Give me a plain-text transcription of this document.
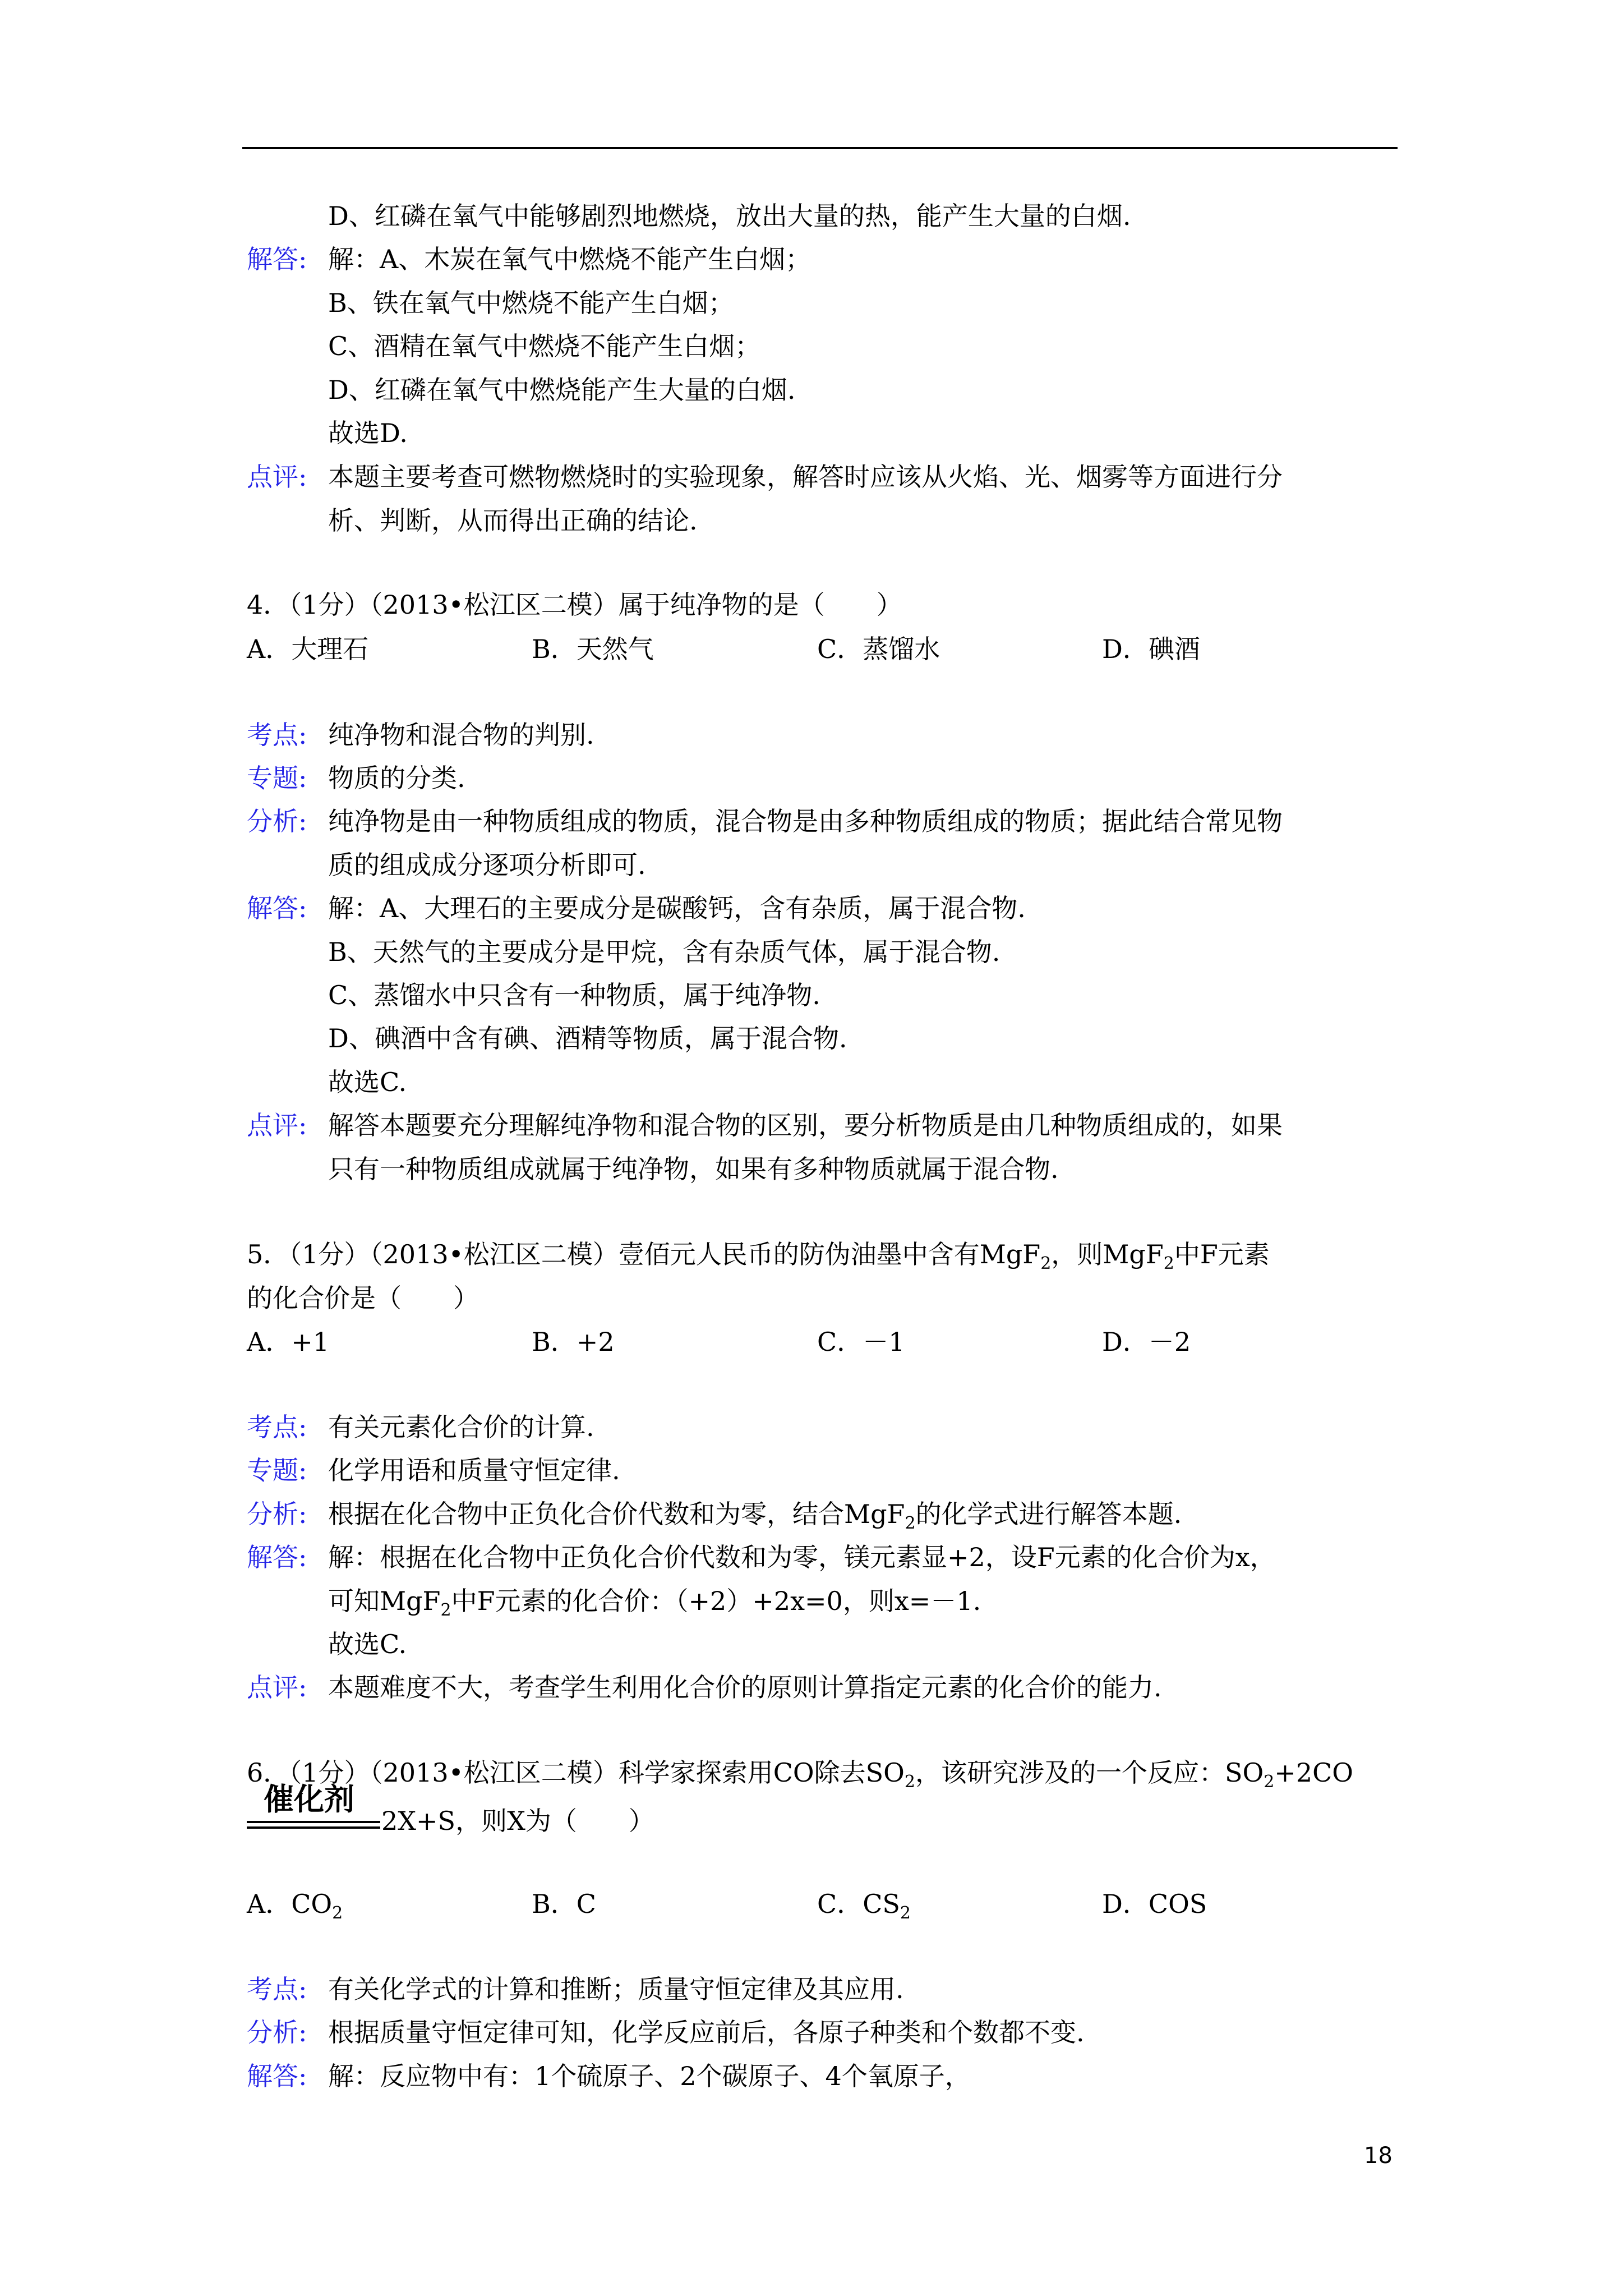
D、红磷在氧气中能够剧烈地燃烧，放出大量的热，能产生大量的白烟.
解答: 解：A、木炭在氧气中燃烧不能产生白烟；
B、铁在氧气中燃烧不能产生白烟；
C、酒精在氧气中燃烧不能产生白烟；
D、红磷在氧气中燃烧能产生大量的白烟.
故选D.
点评: 本题主要考查可燃物燃烧时的实验现象，解答时应该从火焰、光、烟雾等方面进行分
析、判断，从而得出正确的结论.
4．（1分）（2013•松江区二模）属于纯净物的是（　　）
A．大理石	B．天然气	C．蒸馏水	D．碘酒
考点: 纯净物和混合物的判别.
专题: 物质的分类.
分析: 纯净物是由一种物质组成的物质，混合物是由多种物质组成的物质；据此结合常见物
质的组成成分逐项分析即可.
解答: 解：A、大理石的主要成分是碳酸钙，含有杂质，属于混合物.
B、天然气的主要成分是甲烷，含有杂质气体，属于混合物.
C、蒸馏水中只含有一种物质，属于纯净物.
D、碘酒中含有碘、酒精等物质，属于混合物.
故选C.
点评: 解答本题要充分理解纯净物和混合物的区别，要分析物质是由几种物质组成的，如果
只有一种物质组成就属于纯净物，如果有多种物质就属于混合物.
5．（1分）（2013•松江区二模）壹佰元人民币的防伪油墨中含有MgF$_2$，则MgF$_2$中F元素
的化合价是（　　）
A．+1	B．+2	C．－1	D．－2
考点: 有关元素化合价的计算.
专题: 化学用语和质量守恒定律.
分析: 根据在化合物中正负化合价代数和为零，结合MgF$_2$的化学式进行解答本题.
解答: 解：根据在化合物中正负化合价代数和为零，镁元素显+2，设F元素的化合价为x，
可知MgF$_2$中F元素的化合价：（+2）+2x=0，则x=－1.
故选C.
点评: 本题难度不大，考查学生利用化合价的原则计算指定元素的化合价的能力.
6．（1分）（2013•松江区二模）科学家探索用CO除去$SO_2$，该研究涉及的一个反应：$SO_2+2CO$
催化剂
2X+S，则X为（　　）
A．$CO_2$	B．C	C．$CS_2$	D．COS
考点: 有关化学式的计算和推断；质量守恒定律及其应用.
分析: 根据质量守恒定律可知，化学反应前后，各原子种类和个数都不变.
解答: 解：反应物中有：1个硫原子、2个碳原子、4个氧原子，
18
